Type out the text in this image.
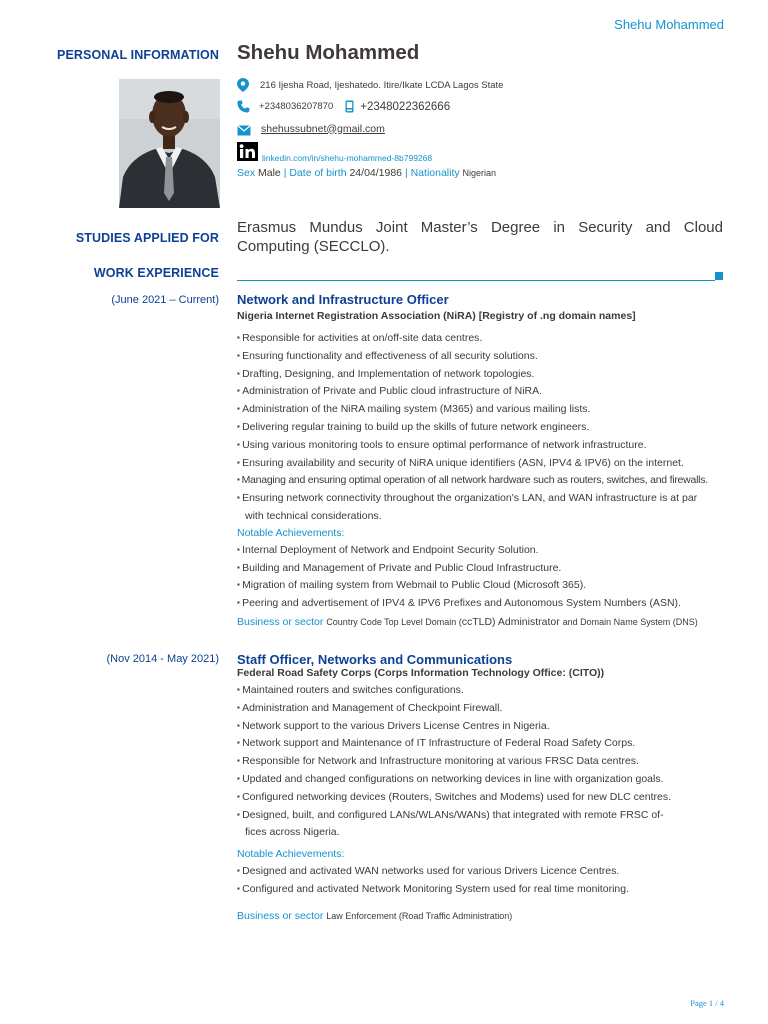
Shehu Mohammed
PERSONAL INFORMATION Shehu Mohammed
216 Ijesha Road, Ijeshatedo. Itire/Ikate LCDA Lagos State
+2348036207870 +2348022362666
shehussubnet@gmail.com
linkedin.com/in/shehu-mohammed-8b799268
Sex
Male
| Date of birth
24/04/1986
| Nationality
Nigerian
STUDIES APPLIED FOR
Erasmus Mundus Joint Master’s Degree in Security and Cloud Computing (SECCLO).
WORK EXPERIENCE
(June 2021 – Current) Network and Infrastructure Officer
Nigeria Internet Registration Association (NiRA) [Registry of .ng domain names]
▪ Responsible for activities at on/off-site data centres.
▪ Ensuring functionality and effectiveness of all security solutions.
▪ Drafting, Designing, and Implementation of network topologies.
▪ Administration of Private and Public cloud infrastructure of NiRA.
▪ Administration of the NiRA mailing system (M365) and various mailing lists.
▪ Delivering regular training to build up the skills of future network engineers.
▪ Using various monitoring tools to ensure optimal performance of network infrastructure.
▪ Ensuring availability and security of NiRA unique identifiers (ASN, IPV4 & IPV6) on the internet.
▪ Managing and ensuring optimal operation of all network hardware such as routers, switches, and firewalls.
▪ Ensuring network connectivity throughout the organization's LAN, and WAN infrastructure is at par
with technical considerations.
Notable Achievements:
▪ Internal Deployment of Network and Endpoint Security Solution.
▪ Building and Management of Private and Public Cloud Infrastructure.
▪ Migration of mailing system from Webmail to Public Cloud (Microsoft 365).
▪ Peering and advertisement of IPV4 & IPV6 Prefixes and Autonomous System Numbers (ASN).
Business or sector Country Code Top Level Domain (ccTLD) Administrator and Domain Name System (DNS)
(Nov 2014 - May 2021) Staff Officer, Networks and Communications
Federal Road Safety Corps (Corps Information Technology Office: (CITO))
▪ Maintained routers and switches configurations.
▪ Administration and Management of Checkpoint Firewall.
▪ Network support to the various Drivers License Centres in Nigeria.
▪ Network support and Maintenance of IT Infrastructure of Federal Road Safety Corps.
▪ Responsible for Network and Infrastructure monitoring at various FRSC Data centres.
▪ Updated and changed configurations on networking devices in line with organization goals.
▪ Configured networking devices (Routers, Switches and Modems) used for new DLC centres.
▪ Designed, built, and configured LANs/WLANs/WANs) that integrated with remote FRSC of-
fices across Nigeria.
Notable Achievements:
▪ Designed and activated WAN networks used for various Drivers Licence Centres.
▪ Configured and activated Network Monitoring System used for real time monitoring.
Business or sector Law Enforcement (Road Traffic Administration)
Page 1 / 4
